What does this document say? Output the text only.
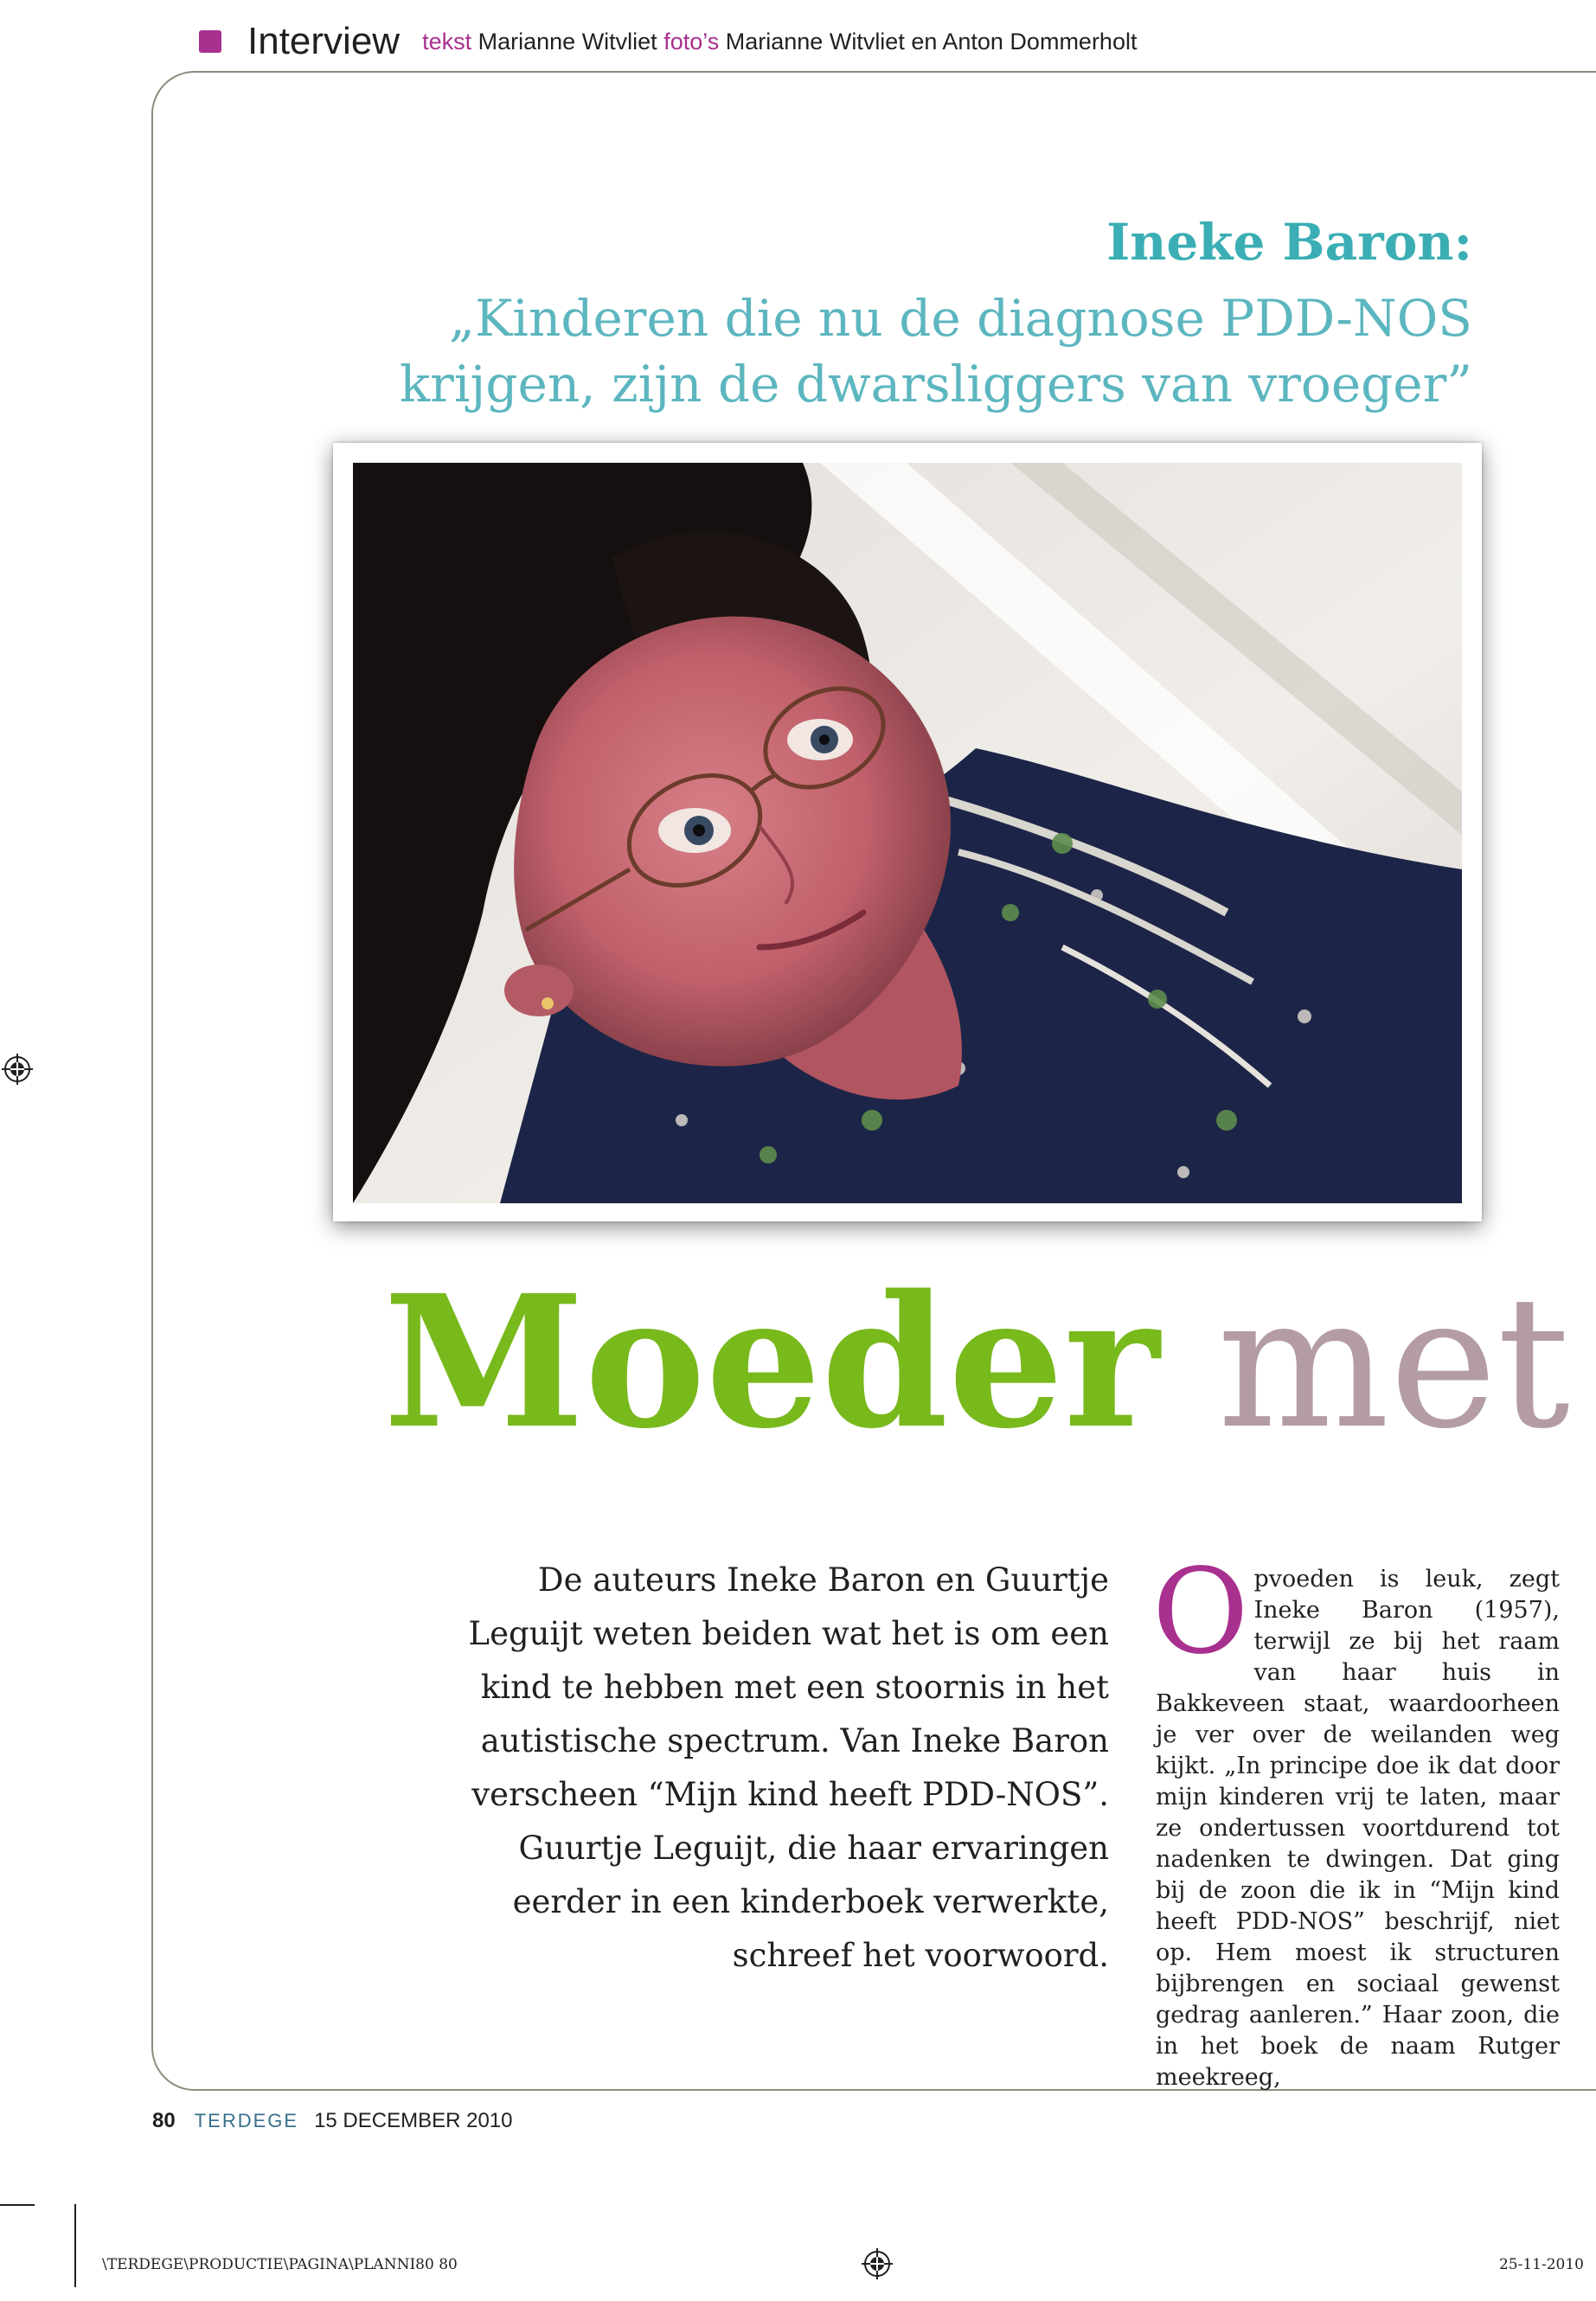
Interview tekst Marianne Witvliet foto’s Marianne Witvliet en Anton Dommerholt
Ineke Baron:
„Kinderen die nu de diagnose PDD-NOS krijgen, zijn de dwarsliggers van vroeger”
Moeder met
De auteurs Ineke Baron en Guurtje Leguijt weten beiden wat het is om een kind te hebben met een stoornis in het autistische spectrum. Van Ineke Baron verscheen “Mijn kind heeft PDD-NOS”. Guurtje Leguijt, die haar ervaringen eerder in een kinderboek verwerkte, schreef het voorwoord.
Opvoeden is leuk, zegt Ineke Baron (1957), terwijl ze bij het raam van haar huis in Bakkeveen staat, waardoorheen je ver over de weilanden weg kijkt. „In principe doe ik dat door mijn kinderen vrij te laten, maar ze ondertussen voortdurend tot nadenken te dwingen. Dat ging bij de zoon die ik in “Mijn kind heeft PDD-NOS” beschrijf, niet op. Hem moest ik structuren bijbrengen en sociaal gewenst gedrag aanleren.” Haar zoon, die in het boek de naam Rutger meekreeg,
80 TERDEGE 15 DECEMBER 2010
\TERDEGE\PRODUCTIE\PAGINA\PLANNI80 80	25-11-2010
